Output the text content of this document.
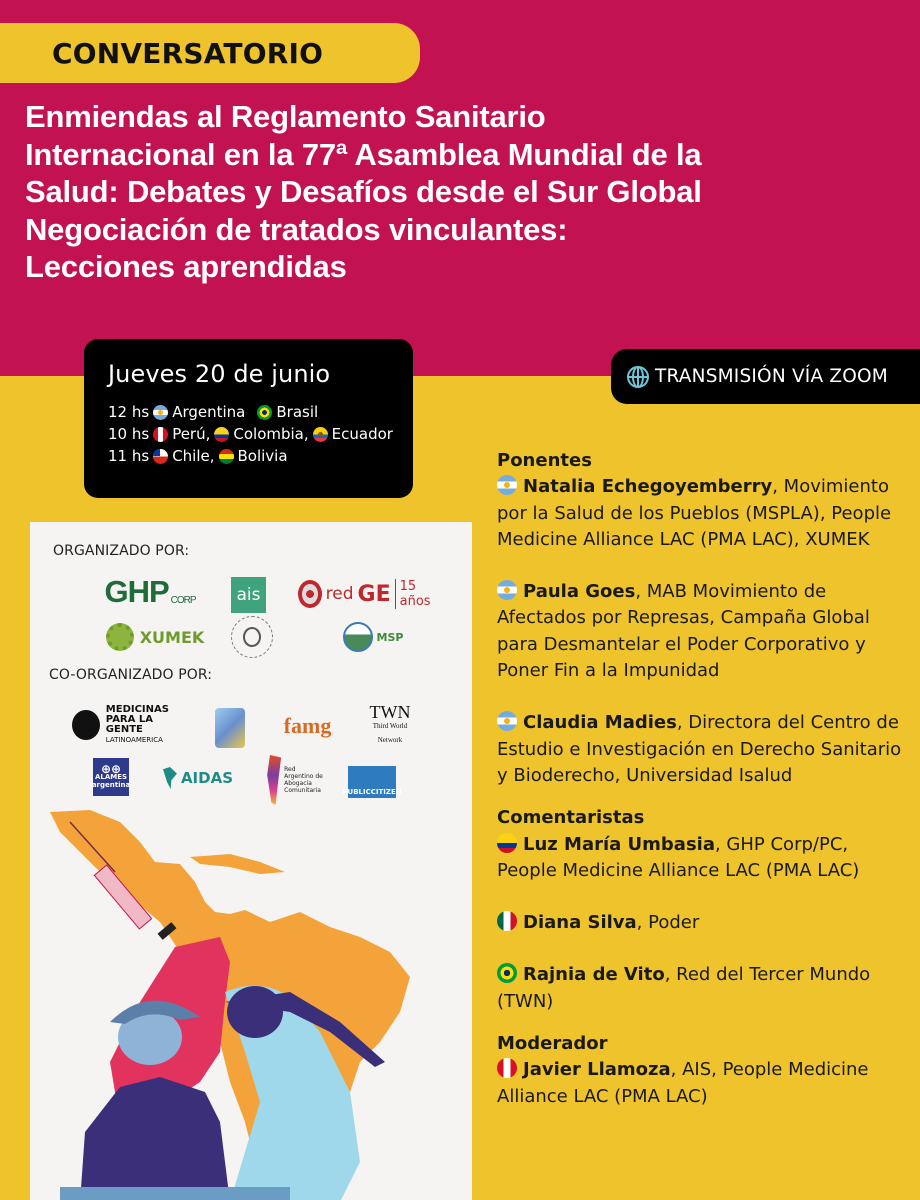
CONVERSATORIO
Enmiendas al Reglamento Sanitario
Internacional en la 77ª Asamblea Mundial de la
Salud: Debates y Desafíos desde el Sur Global
Negociación de tratados vinculantes:
Lecciones aprendidas
Jueves 20 de junio
12 hs Argentina Brasil
10 hs Perú, Colombia, Ecuador
11 hs Chile, Bolivia
TRANSMISIÓN VÍA ZOOM
Ponentes
Natalia Echegoyemberry, Movimiento por la Salud de los Pueblos (MSPLA), People Medicine Alliance LAC (PMA LAC), XUMEK
Paula Goes, MAB Movimiento de Afectados por Represas, Campaña Global para Desmantelar el Poder Corporativo y Poner Fin a la Impunidad
Claudia Madies, Directora del Centro de Estudio e Investigación en Derecho Sanitario y Bioderecho, Universidad Isalud
Comentaristas
Luz María Umbasia, GHP Corp/PC, People Medicine Alliance LAC (PMA LAC)
Diana Silva, Poder
Rajnia de Vito, Red del Tercer Mundo (TWN)
Moderador
Javier Llamoza, AIS, People Medicine Alliance LAC (PMA LAC)
ORGANIZADO POR:
GHP CORP ais	red GE 15 años
XUMEK	MSP
CO-ORGANIZADO POR:
MEDICINAS
PARA LA GENTE
LATINOAMERICA
famg
TWN
Third World Network
⊕⊕
ALAMES
argentina	AIDAS	Red
Argentino de
Abogacía
Comunitaria	PUBLICCITIZEN
